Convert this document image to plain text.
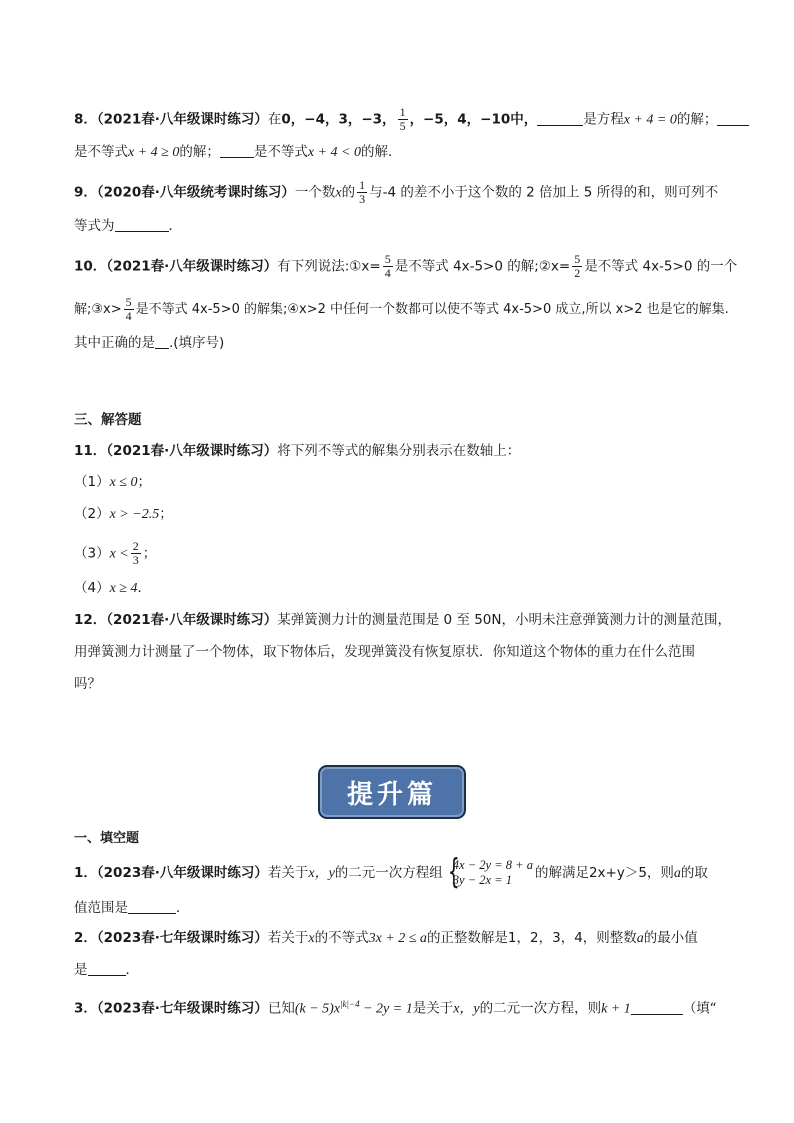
8．（2021春·八年级课时练习）在0，−4，3，−3， $\frac{1}{5}$ ，−5，4，−10中，	是方程x + 4 = 0的解；
是不等式x + 4 ≥ 0的解；	是不等式x + 4 < 0的解．
9．（2020春·八年级统考课时练习）一个数x的 $\frac{1}{3}$ 与-4 的差不小于这个数的 2 倍加上 5 所得的和，则可列不
等式为	．
10．（2021春·八年级课时练习）有下列说法:①x= $\frac{5}{4}$ 是不等式 4x-5>0 的解;②x= $\frac{5}{2}$ 是不等式 4x-5>0 的一个
解;③x> $\frac{5}{4}$ 是不等式 4x-5>0 的解集;④x>2 中任何一个数都可以使不等式 4x-5>0 成立,所以 x>2 也是它的解集.
其中正确的是 .(填序号)
三、解答题
11．（2021春·八年级课时练习）将下列不等式的解集分别表示在数轴上：
（1）x ≤ 0；
（2）x > −2.5；
$(3)x < \frac{2}{3}$ ；
（4）x ≥ 4．
12．（2021春·八年级课时练习）某弹簧测力计的测量范围是 0 至 50N，小明未注意弹簧测力计的测量范围，
用弹簧测力计测量了一个物体，取下物体后，发现弹簧没有恢复原状．你知道这个物体的重力在什么范围
吗？
提升篇
一、填空题
1．（2023春·八年级课时练习）若关于x，y的二元一次方程组 {
4x − 2y = 8 + a
3y − 2x = 1	的解满足2x+y＞5，则a的取
值范围是	．
2．（2023春·七年级课时练习）若关于x的不等式3x + 2 ≤ a的正整数解是1，2，3，4，则整数a的最小值
是	．
3．（2023春·七年级课时练习）已知$(k - 5)x^{|k|-4} - 2y = 1$是关于x，y的二元一次方程，则k + 1	（填“
